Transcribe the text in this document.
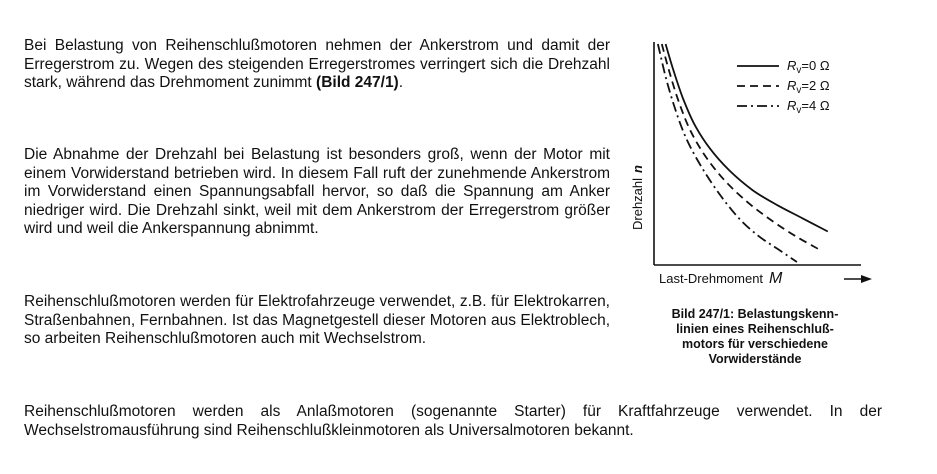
Bei Belastung von Reihenschlußmotoren nehmen der Ankerstrom und damit der Erregerstrom zu. Wegen des steigenden Erregerstromes verringert sich die Drehzahl stark, während das Drehmoment zunimmt (Bild 247/1).

Die Abnahme der Drehzahl bei Belastung ist besonders groß, wenn der Motor mit einem Vorwiderstand betrieben wird. In diesem Fall ruft der zunehmende Ankerstrom im Vorwiderstand einen Spannungsabfall hervor, so daß die Spannung am Anker niedriger wird. Die Drehzahl sinkt, weil mit dem Ankerstrom der Erregerstrom größer wird und weil die Ankerspannung abnimmt.

Reihenschlußmotoren werden für Elektrofahrzeuge verwendet, z.B. für Elektrokarren, Straßenbahnen, Fernbahnen. Ist das Magnetgestell dieser Motoren aus Elektroblech, so arbeiten Reihenschlußmotoren auch mit Wechselstrom.

Reihenschlußmotoren werden als Anlaßmotoren (sogenannte Starter) für Kraftfahrzeuge verwendet. In der Wechselstromausführung sind Reihenschlußkleinmotoren als Universalmotoren bekannt.

Drehzahln
Last-Drehmoment M
$R_v=0$ Ω
$R_v=2$ Ω
$R_v=4$ Ω
Bild 247/1: Belastungskenn-
linien eines Reihenschluß-
motors für verschiedene
Vorwiderstände
